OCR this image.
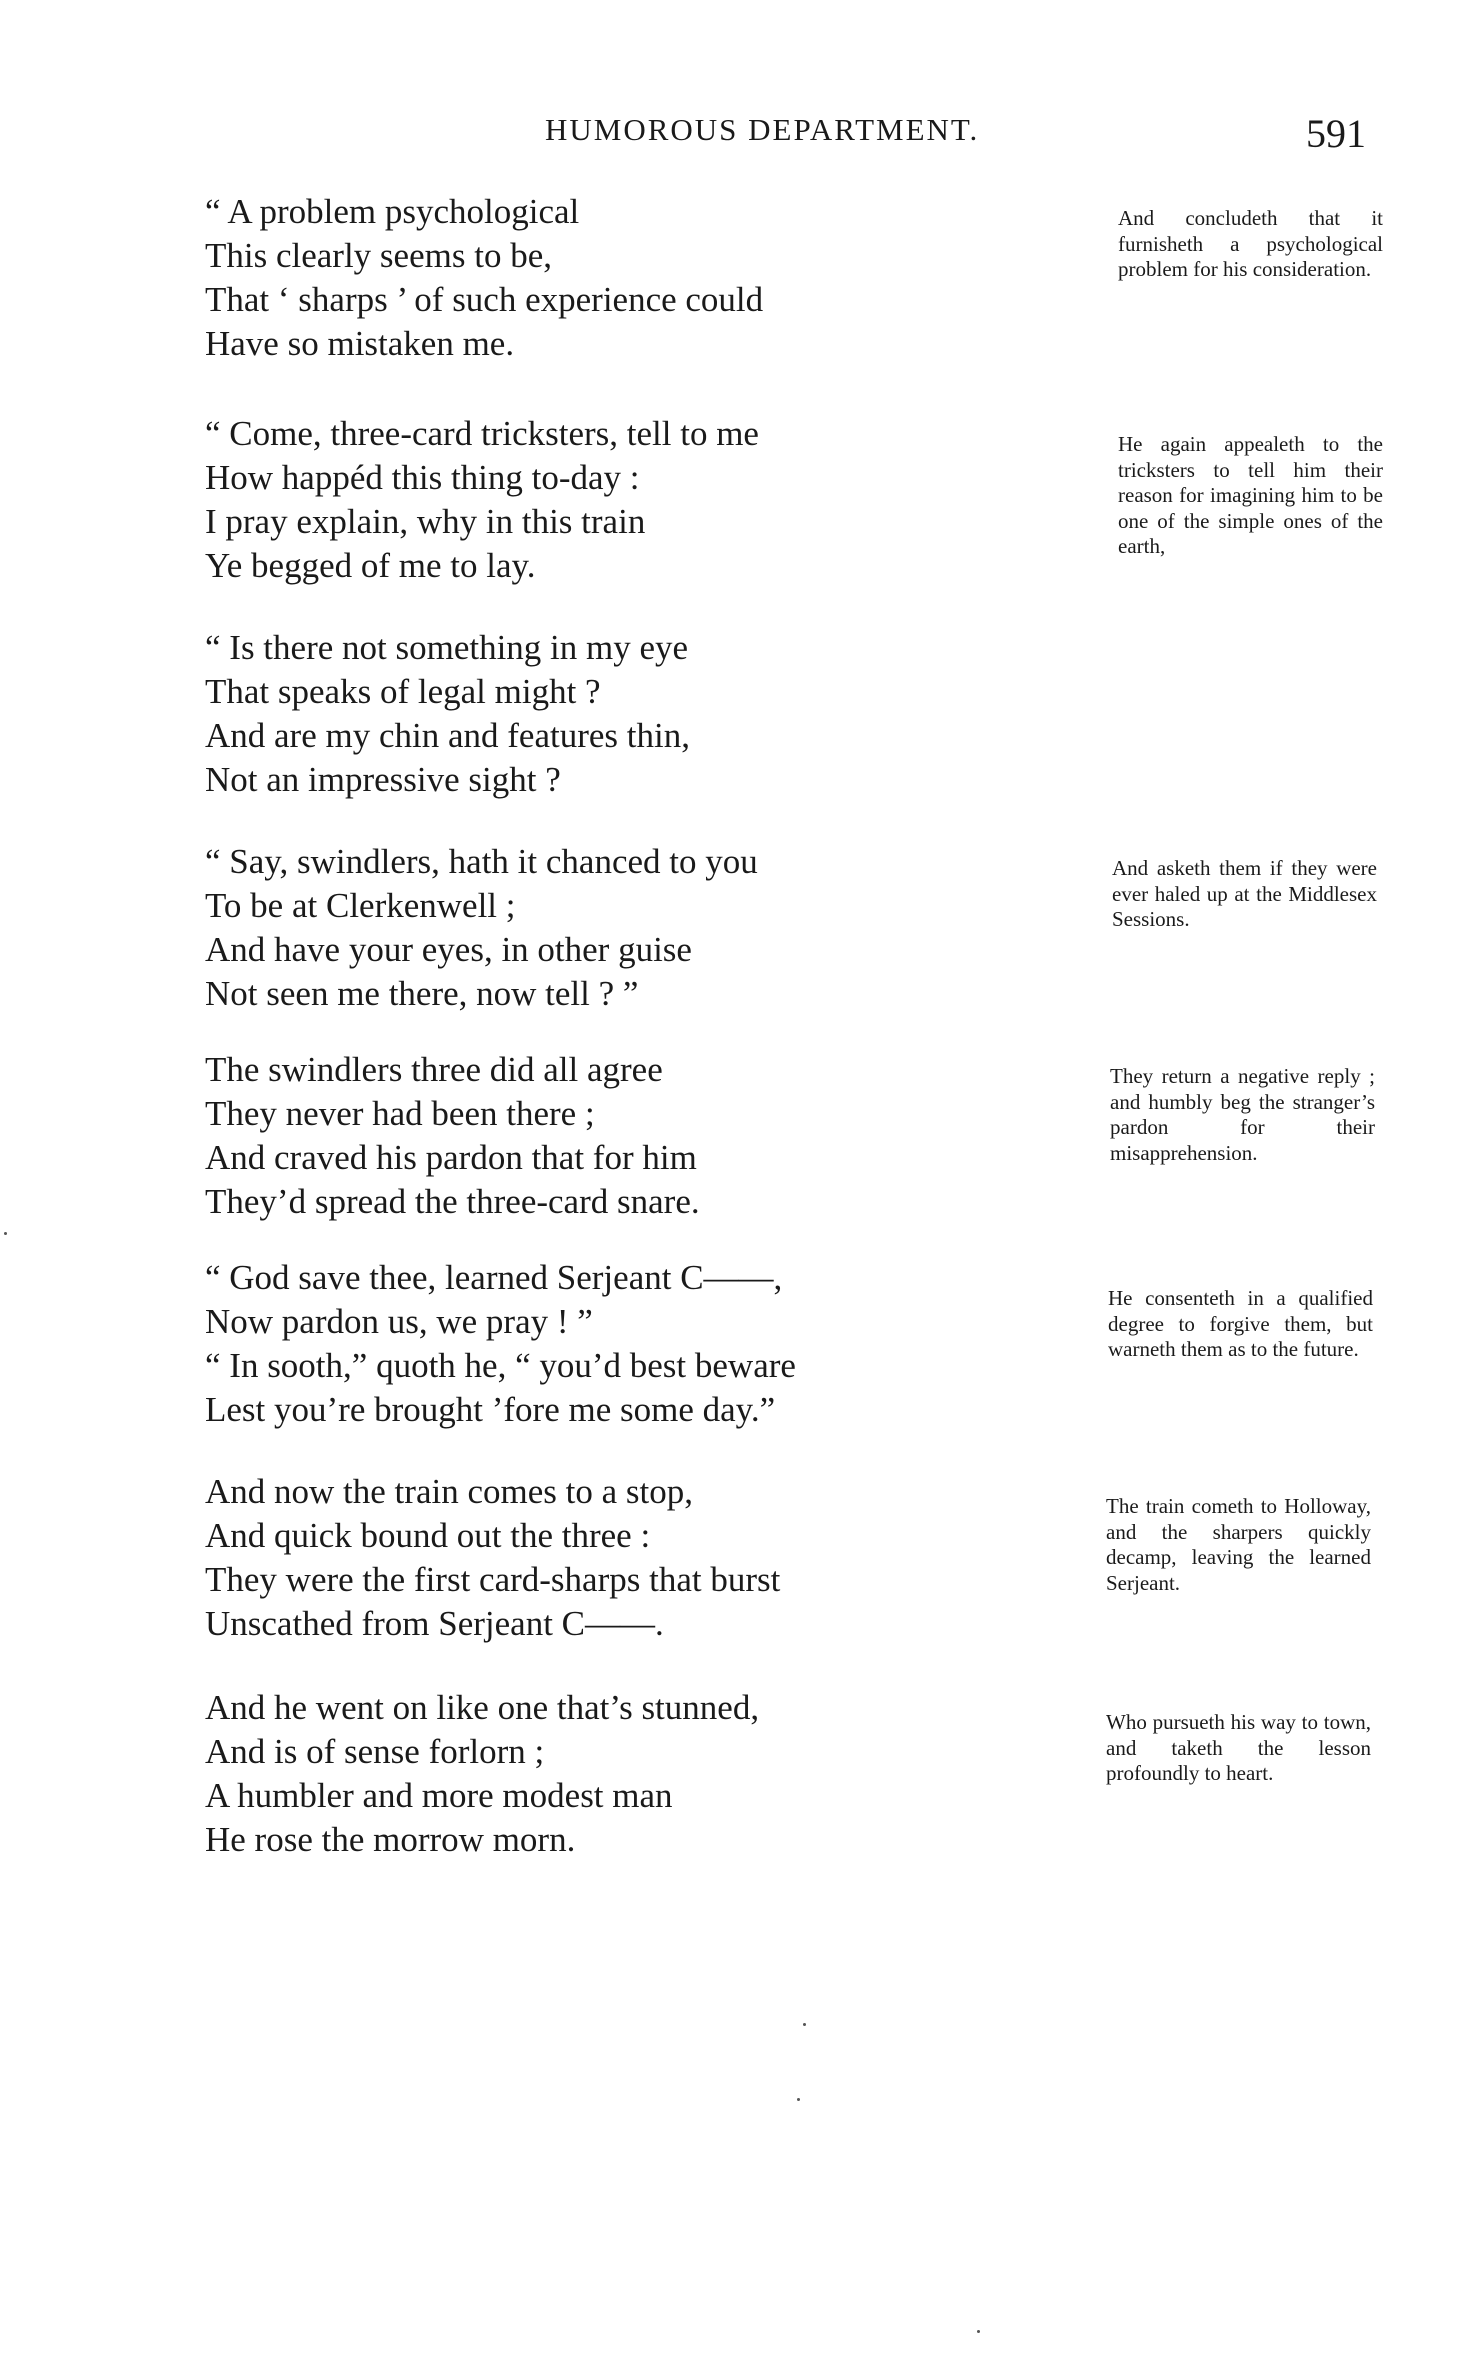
HUMOROUS DEPARTMENT.	591
“ A problem psychological
This clearly seems to be,
That ‘ sharps ’ of such experience could
Have so mistaken me.
And concludeth that it furnisheth a psychological problem for his consideration.
“ Come, three-card tricksters, tell to me
How happéd this thing to-day :
I pray explain, why in this train
Ye begged of me to lay.
He again appealeth to the tricksters to tell him their reason for imagining him to be one of the simple ones of the earth,
“ Is there not something in my eye
That speaks of legal might ?
And are my chin and features thin,
Not an impressive sight ?
“ Say, swindlers, hath it chanced to you
To be at Clerkenwell ;
And have your eyes, in other guise
Not seen me there, now tell ? ”
And asketh them if they were ever haled up at the Middlesex Sessions.
The swindlers three did all agree
They never had been there ;
And craved his pardon that for him
They’d spread the three-card snare.
They return a negative reply ; and humbly beg the stranger’s pardon for their misapprehension.
“ God save thee, learned Serjeant C——,
Now pardon us, we pray ! ”
“ In sooth,” quoth he, “ you’d best beware
Lest you’re brought ’fore me some day.”
He consenteth in a qualified degree to forgive them, but warneth them as to the future.
And now the train comes to a stop,
And quick bound out the three :
They were the first card-sharps that burst
Unscathed from Serjeant C——.
The train cometh to Holloway, and the sharpers quickly decamp, leaving the learned Serjeant.
And he went on like one that’s stunned,
And is of sense forlorn ;
A humbler and more modest man
He rose the morrow morn.
Who pursueth his way to town, and taketh the lesson profoundly to heart.
